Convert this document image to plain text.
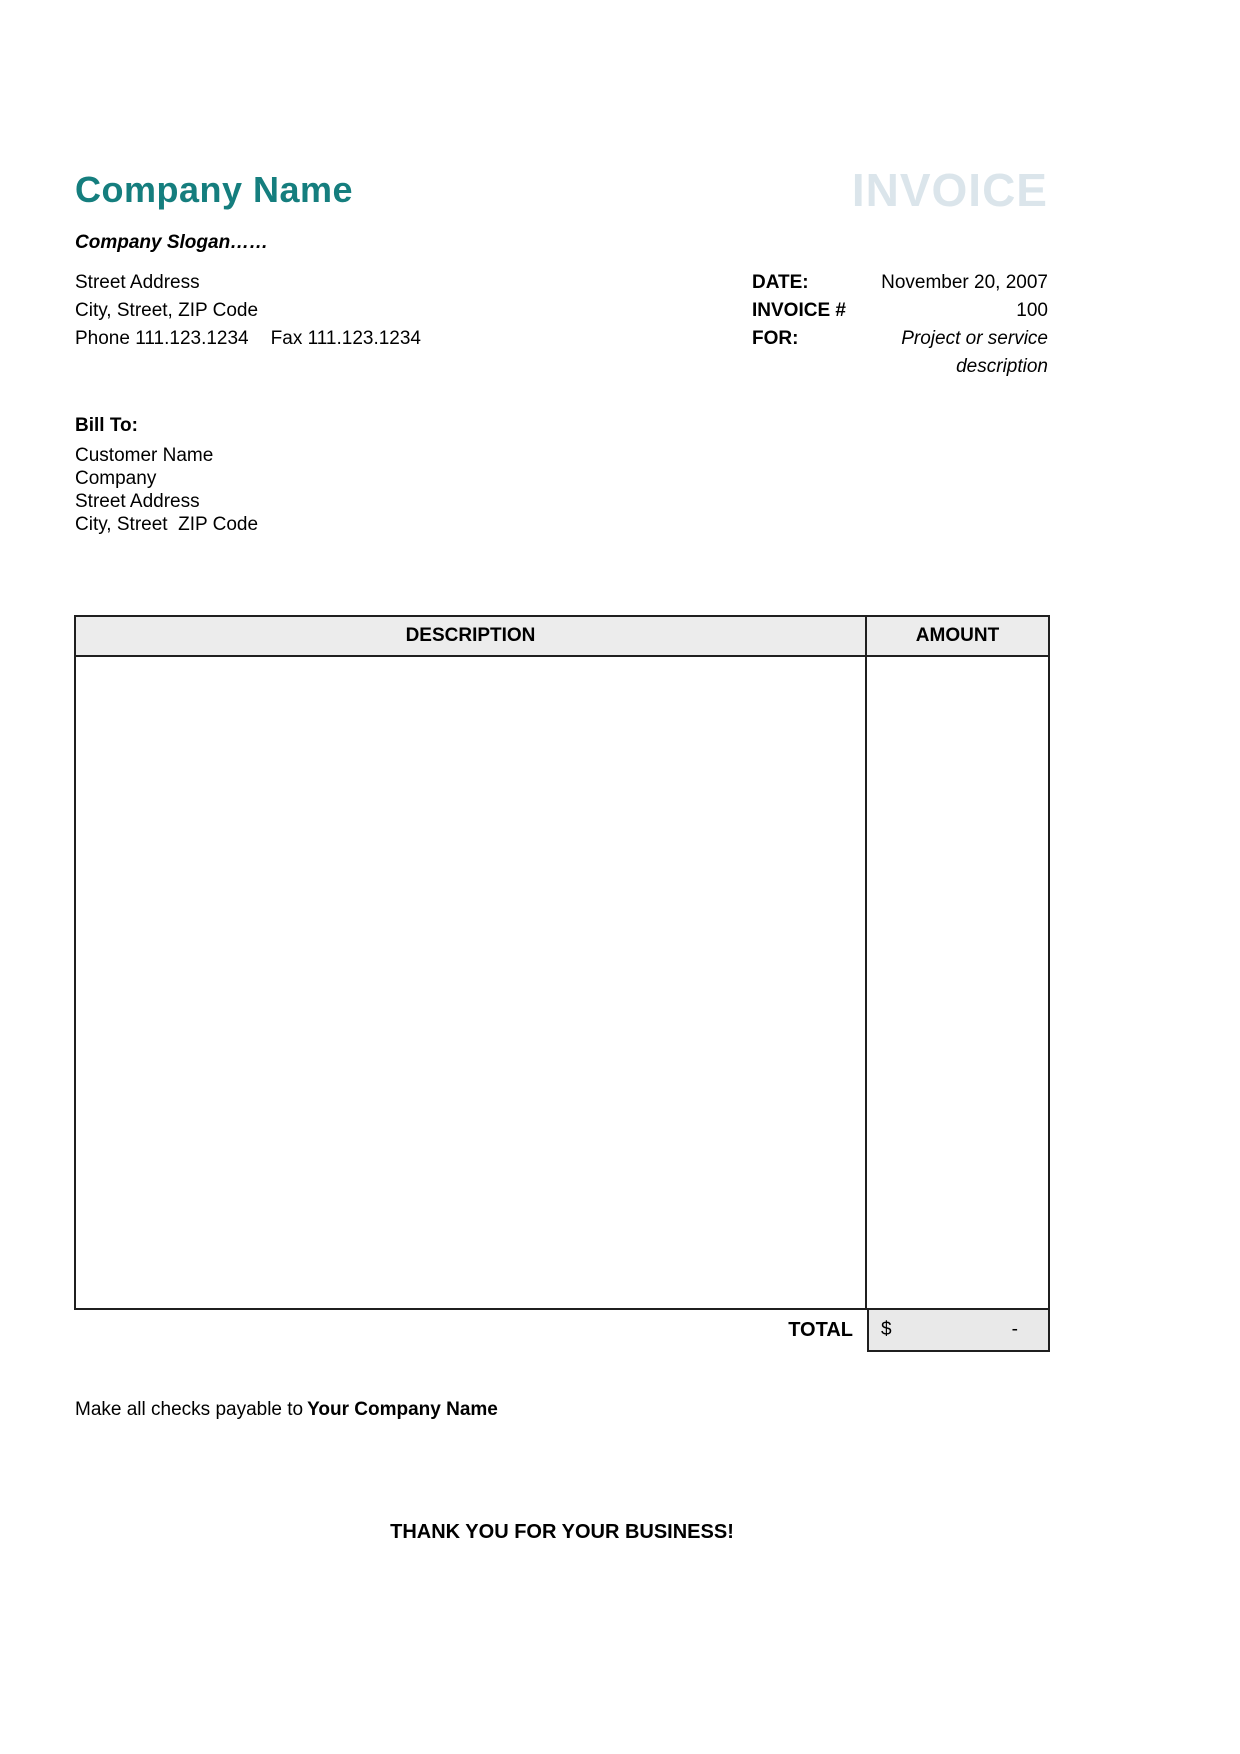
Company Name
Company Slogan……
INVOICE
Street Address
City, Street, ZIP Code
Phone 111.123.1234 Fax 111.123.1234
DATE:	November 20, 2007
INVOICE #	100
FOR:	Project or service
description
Bill To:
Customer Name
Company
Street Address
City, Street  ZIP Code
DESCRIPTION	AMOUNT
TOTAL	$	-
Make all checks payable to Your Company Name
THANK YOU FOR YOUR BUSINESS!
